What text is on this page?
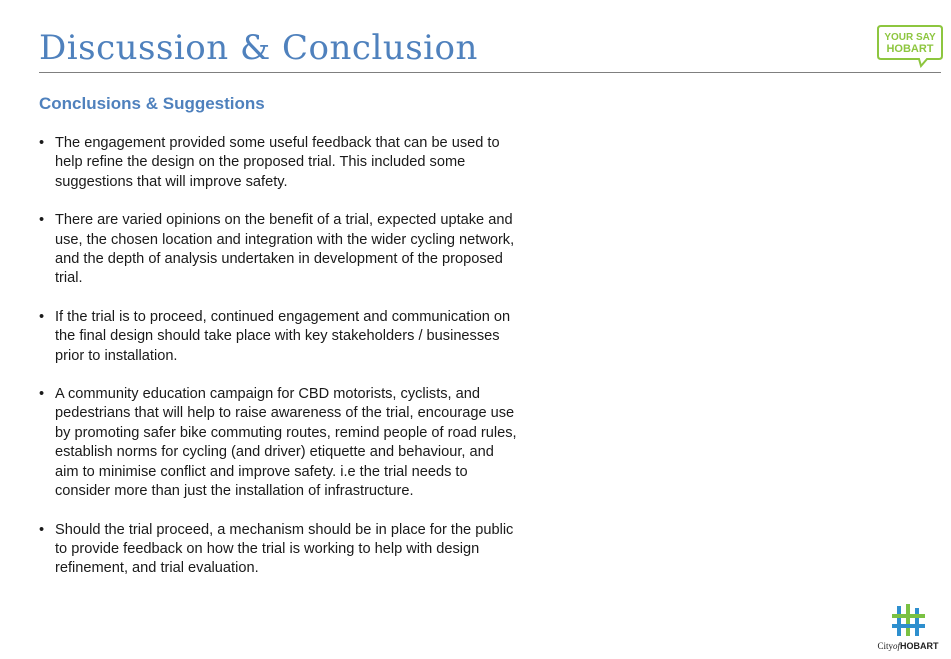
Discussion & Conclusion	YOUR SAY
HOBART
Conclusions & Suggestions
• The engagement provided some useful feedback that can be used to help refine the design on the proposed trial. This included some suggestions that will improve safety.
• There are varied opinions on the benefit of a trial, expected uptake and use, the chosen location and integration with the wider cycling network, and the depth of analysis undertaken in development of the proposed trial.
• If the trial is to proceed, continued engagement and communication on the final design should take place with key stakeholders / businesses prior to installation.
• A community education campaign for CBD motorists, cyclists, and pedestrians that will help to raise awareness of the trial, encourage use by promoting safer bike commuting routes, remind people of road rules, establish norms for cycling (and driver) etiquette and behaviour, and aim to minimise conflict and improve safety. i.e the trial needs to consider more than just the installation of infrastructure.
• Should the trial proceed, a mechanism should be in place for the public to provide feedback on how the trial is working to help with design refinement, and trial evaluation.
CityofHOBART
